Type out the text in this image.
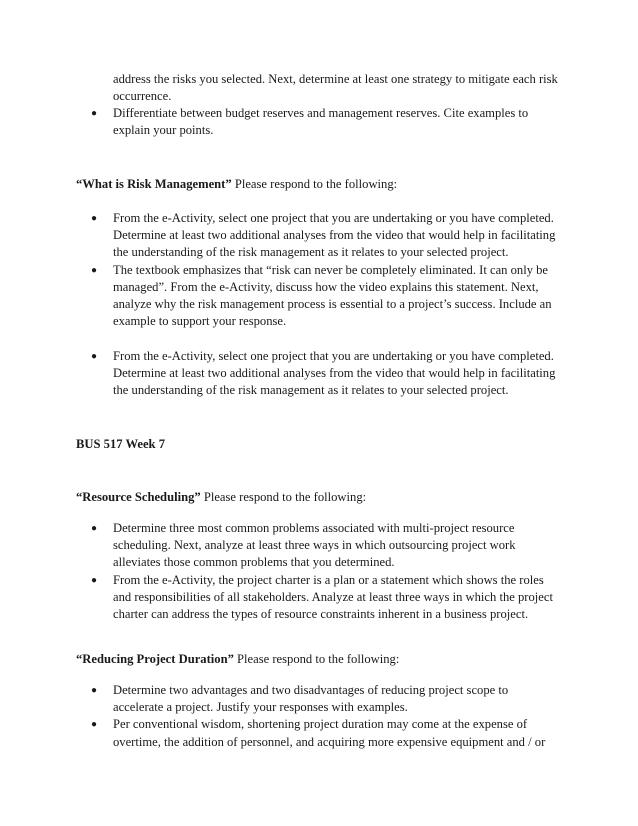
address the risks you selected. Next, determine at least one strategy to mitigate each risk occurrence.
● Differentiate between budget reserves and management reserves. Cite examples to explain your points.
“What is Risk Management” Please respond to the following:
● From the e-Activity, select one project that you are undertaking or you have completed. Determine at least two additional analyses from the video that would help in facilitating the understanding of the risk management as it relates to your selected project.
● The textbook emphasizes that “risk can never be completely eliminated. It can only be managed”. From the e-Activity, discuss how the video explains this statement. Next, analyze why the risk management process is essential to a project’s success. Include an example to support your response.
● From the e-Activity, select one project that you are undertaking or you have completed. Determine at least two additional analyses from the video that would help in facilitating the understanding of the risk management as it relates to your selected project.
BUS 517 Week 7
“Resource Scheduling” Please respond to the following:
● Determine three most common problems associated with multi-project resource scheduling. Next, analyze at least three ways in which outsourcing project work alleviates those common problems that you determined.
● From the e-Activity, the project charter is a plan or a statement which shows the roles and responsibilities of all stakeholders. Analyze at least three ways in which the project charter can address the types of resource constraints inherent in a business project.
“Reducing Project Duration” Please respond to the following:
● Determine two advantages and two disadvantages of reducing project scope to accelerate a project. Justify your responses with examples.
● Per conventional wisdom, shortening project duration may come at the expense of overtime, the addition of personnel, and acquiring more expensive equipment and / or
